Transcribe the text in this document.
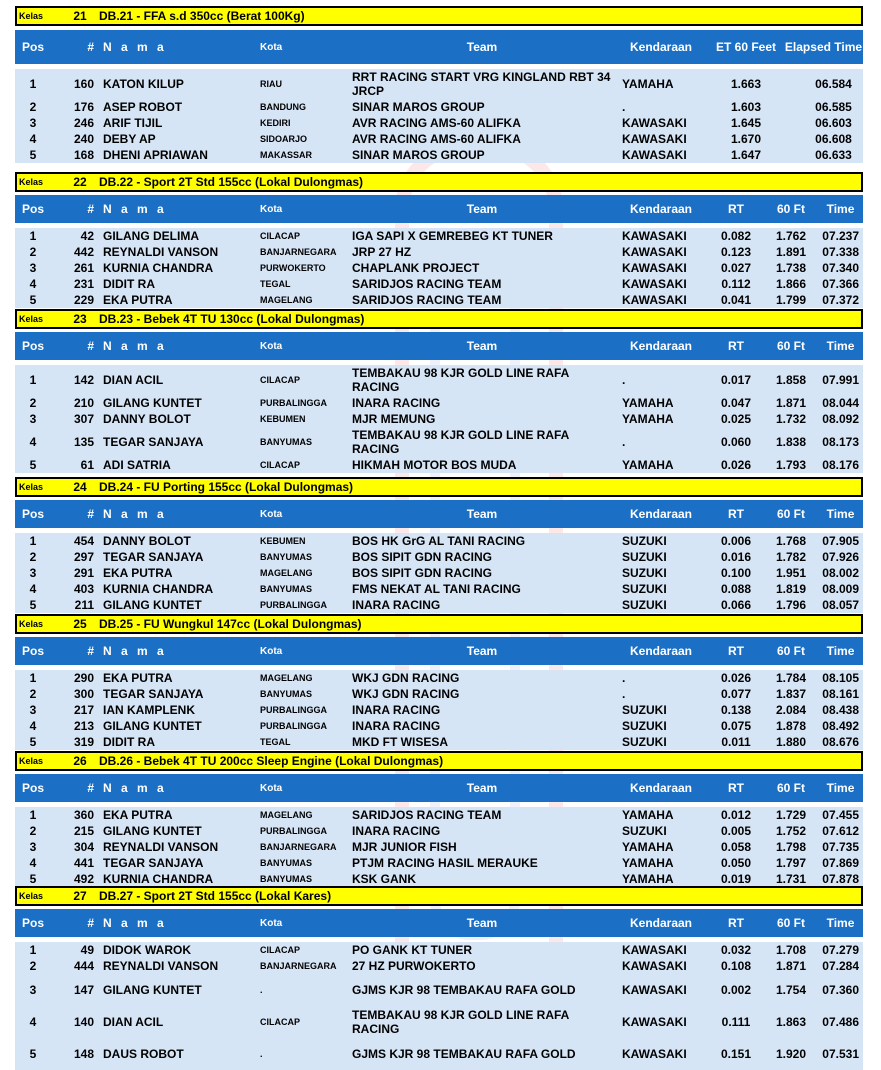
Kelas	21	DB.21 - FFA s.d 350cc (Berat 100Kg)
Pos	# N a m a	Kota	Team	Kendaraan	ET 60 Feet Elapsed Time
1	160 KATON KILUP	RIAU	RRT RACING START VRG KINGLAND RBT 34 JRCP	YAMAHA	1.663	06.584
2	176 ASEP ROBOT	BANDUNG	SINAR MAROS GROUP	.	1.603	06.585
3	246 ARIF TIJIL	KEDIRI	AVR RACING AMS-60 ALIFKA	KAWASAKI	1.645	06.603
4	240 DEBY AP	SIDOARJO	AVR RACING AMS-60 ALIFKA	KAWASAKI	1.670	06.608
5	168 DHENI APRIAWAN	MAKASSAR	SINAR MAROS GROUP	KAWASAKI	1.647	06.633
Kelas	22	DB.22 - Sport 2T Std 155cc (Lokal Dulongmas)
Pos	# N a m a	Kota	Team	Kendaraan	RT	60 Ft	Time
1	42 GILANG DELIMA	CILACAP	IGA SAPI X GEMREBEG KT TUNER	KAWASAKI	0.082	1.762	07.237
2	442 REYNALDI VANSON	BANJARNEGARA	JRP 27 HZ	KAWASAKI	0.123	1.891	07.338
3	261 KURNIA CHANDRA	PURWOKERTO	CHAPLANK PROJECT	KAWASAKI	0.027	1.738	07.340
4	231 DIDIT RA	TEGAL	SARIDJOS RACING TEAM	KAWASAKI	0.112	1.866	07.366
5	229 EKA PUTRA	MAGELANG	SARIDJOS RACING TEAM	KAWASAKI	0.041	1.799	07.372
Kelas	23	DB.23 - Bebek 4T TU 130cc (Lokal Dulongmas)
Pos	# N a m a	Kota	Team	Kendaraan	RT	60 Ft	Time
1	142 DIAN ACIL	CILACAP	TEMBAKAU 98 KJR GOLD LINE RAFA RACING	.	0.017	1.858	07.991
2	210 GILANG KUNTET	PURBALINGGA	INARA RACING	YAMAHA	0.047	1.871	08.044
3	307 DANNY BOLOT	KEBUMEN	MJR MEMUNG	YAMAHA	0.025	1.732	08.092
4	135 TEGAR SANJAYA	BANYUMAS	TEMBAKAU 98 KJR GOLD LINE RAFA RACING	.	0.060	1.838	08.173
5	61 ADI SATRIA	CILACAP	HIKMAH MOTOR BOS MUDA	YAMAHA	0.026	1.793	08.176
Kelas	24	DB.24 - FU Porting 155cc (Lokal Dulongmas)
Pos	# N a m a	Kota	Team	Kendaraan	RT	60 Ft	Time
1	454 DANNY BOLOT	KEBUMEN	BOS HK GrG AL TANI RACING	SUZUKI	0.006	1.768	07.905
2	297 TEGAR SANJAYA	BANYUMAS	BOS SIPIT GDN RACING	SUZUKI	0.016	1.782	07.926
3	291 EKA PUTRA	MAGELANG	BOS SIPIT GDN RACING	SUZUKI	0.100	1.951	08.002
4	403 KURNIA CHANDRA	BANYUMAS	FMS NEKAT AL TANI RACING	SUZUKI	0.088	1.819	08.009
5	211 GILANG KUNTET	PURBALINGGA	INARA RACING	SUZUKI	0.066	1.796	08.057
Kelas	25	DB.25 - FU Wungkul 147cc (Lokal Dulongmas)
Pos	# N a m a	Kota	Team	Kendaraan	RT	60 Ft	Time
1	290 EKA PUTRA	MAGELANG	WKJ GDN RACING	.	0.026	1.784	08.105
2	300 TEGAR SANJAYA	BANYUMAS	WKJ GDN RACING	.	0.077	1.837	08.161
3	217 IAN KAMPLENK	PURBALINGGA	INARA RACING	SUZUKI	0.138	2.084	08.438
4	213 GILANG KUNTET	PURBALINGGA	INARA RACING	SUZUKI	0.075	1.878	08.492
5	319 DIDIT RA	TEGAL	MKD FT WISESA	SUZUKI	0.011	1.880	08.676
Kelas	26	DB.26 - Bebek 4T TU 200cc Sleep Engine (Lokal Dulongmas)
Pos	# N a m a	Kota	Team	Kendaraan	RT	60 Ft	Time
1	360 EKA PUTRA	MAGELANG	SARIDJOS RACING TEAM	YAMAHA	0.012	1.729	07.455
2	215 GILANG KUNTET	PURBALINGGA	INARA RACING	SUZUKI	0.005	1.752	07.612
3	304 REYNALDI VANSON	BANJARNEGARA	MJR JUNIOR FISH	YAMAHA	0.058	1.798	07.735
4	441 TEGAR SANJAYA	BANYUMAS	PTJM RACING HASIL MERAUKE	YAMAHA	0.050	1.797	07.869
5	492 KURNIA CHANDRA	BANYUMAS	KSK GANK	YAMAHA	0.019	1.731	07.878
Kelas	27	DB.27 - Sport 2T Std 155cc (Lokal Kares)
Pos	# N a m a	Kota	Team	Kendaraan	RT	60 Ft	Time
1	49 DIDOK WAROK	CILACAP	PO GANK KT TUNER	KAWASAKI	0.032	1.708	07.279
2	444 REYNALDI VANSON	BANJARNEGARA	27 HZ PURWOKERTO	KAWASAKI	0.108	1.871	07.284
3	147 GILANG KUNTET	.	GJMS KJR 98 TEMBAKAU RAFA GOLD	KAWASAKI	0.002	1.754	07.360
4	140 DIAN ACIL	CILACAP	TEMBAKAU 98 KJR GOLD LINE RAFA RACING	KAWASAKI	0.111	1.863	07.486
5	148 DAUS ROBOT	.	GJMS KJR 98 TEMBAKAU RAFA GOLD	KAWASAKI	0.151	1.920	07.531
